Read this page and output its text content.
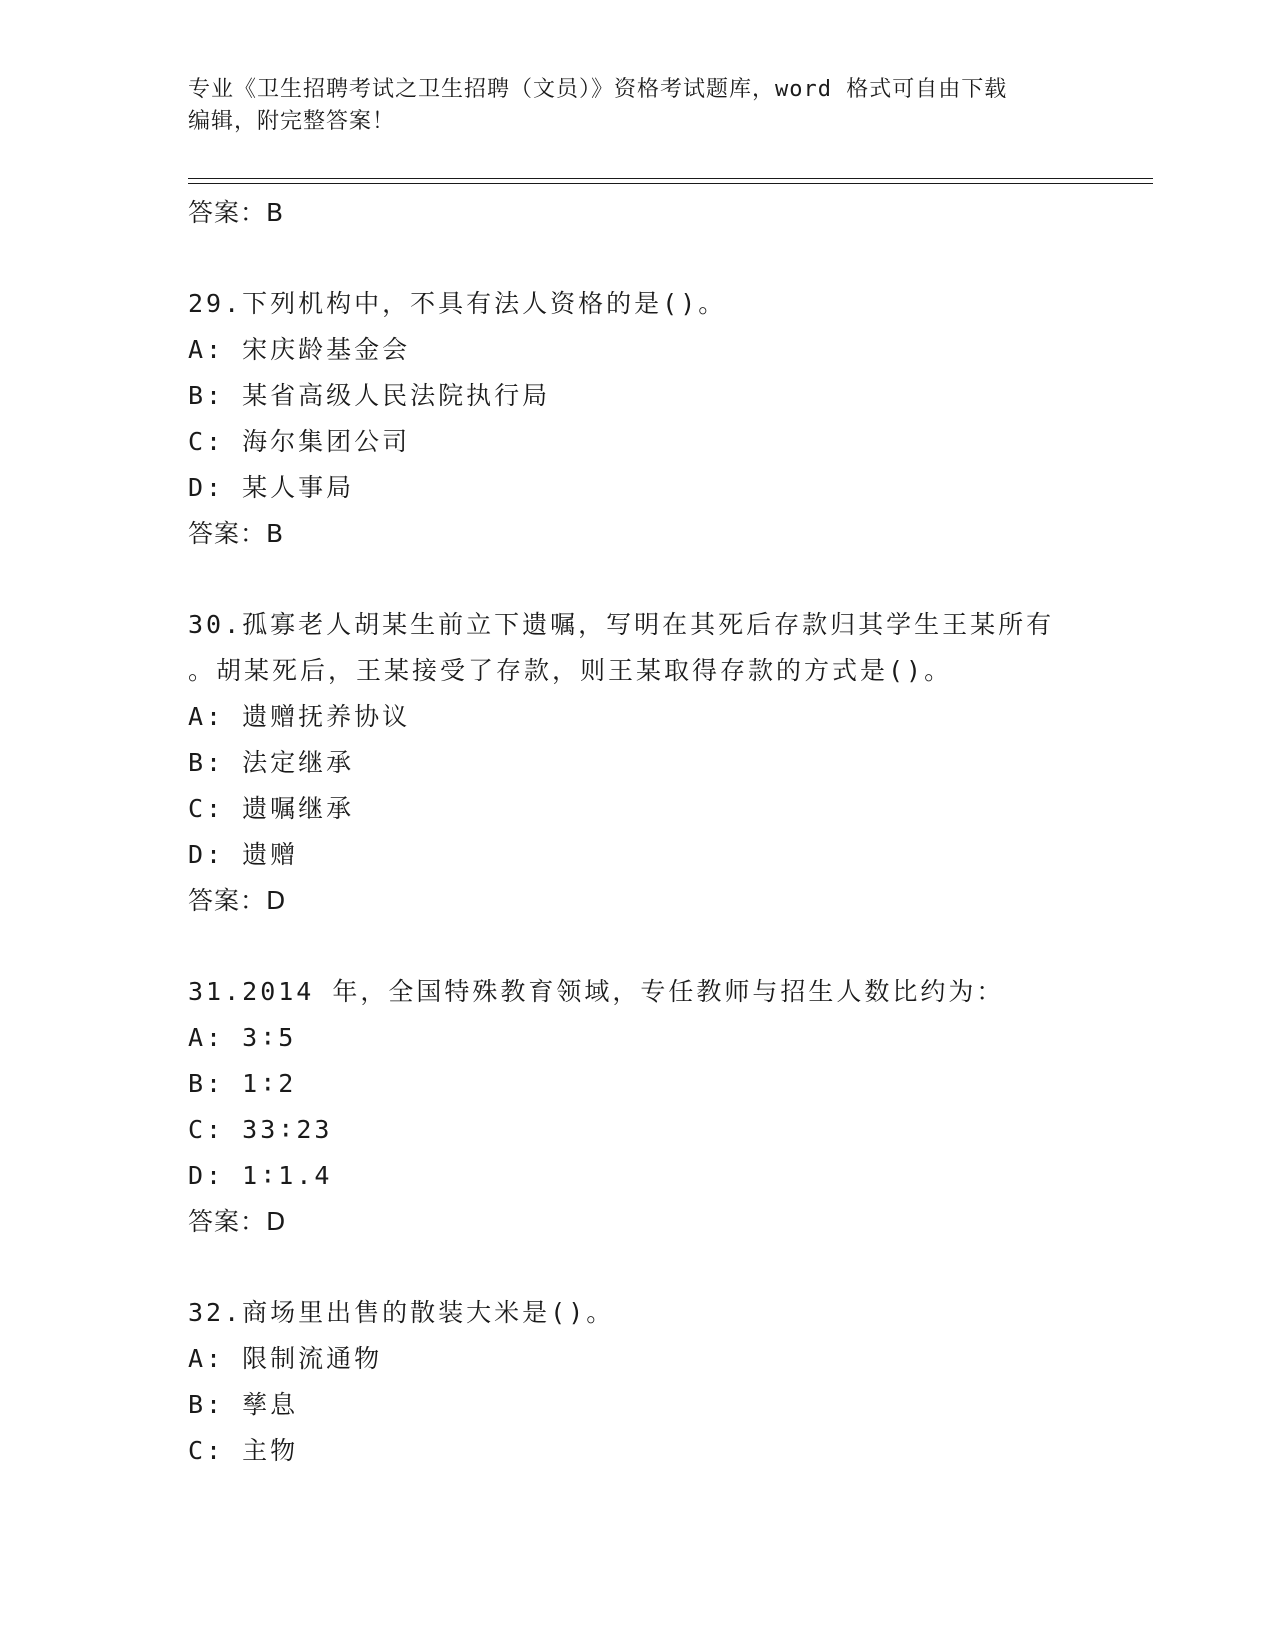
专业《卫生招聘考试之卫生招聘（文员）》资格考试题库，word 格式可自由下载
编辑，附完整答案！
答案：B
29.下列机构中，不具有法人资格的是()。
A: 宋庆龄基金会
B: 某省高级人民法院执行局
C: 海尔集团公司
D: 某人事局
答案：B
30.孤寡老人胡某生前立下遗嘱，写明在其死后存款归其学生王某所有
。胡某死后，王某接受了存款，则王某取得存款的方式是()。
A: 遗赠抚养协议
B: 法定继承
C: 遗嘱继承
D: 遗赠
答案：D
31.2014 年，全国特殊教育领域，专任教师与招生人数比约为：
A: 3∶5
B: 1∶2
C: 33∶23
D: 1∶1.4
答案：D
32.商场里出售的散装大米是()。
A: 限制流通物
B: 孳息
C: 主物
